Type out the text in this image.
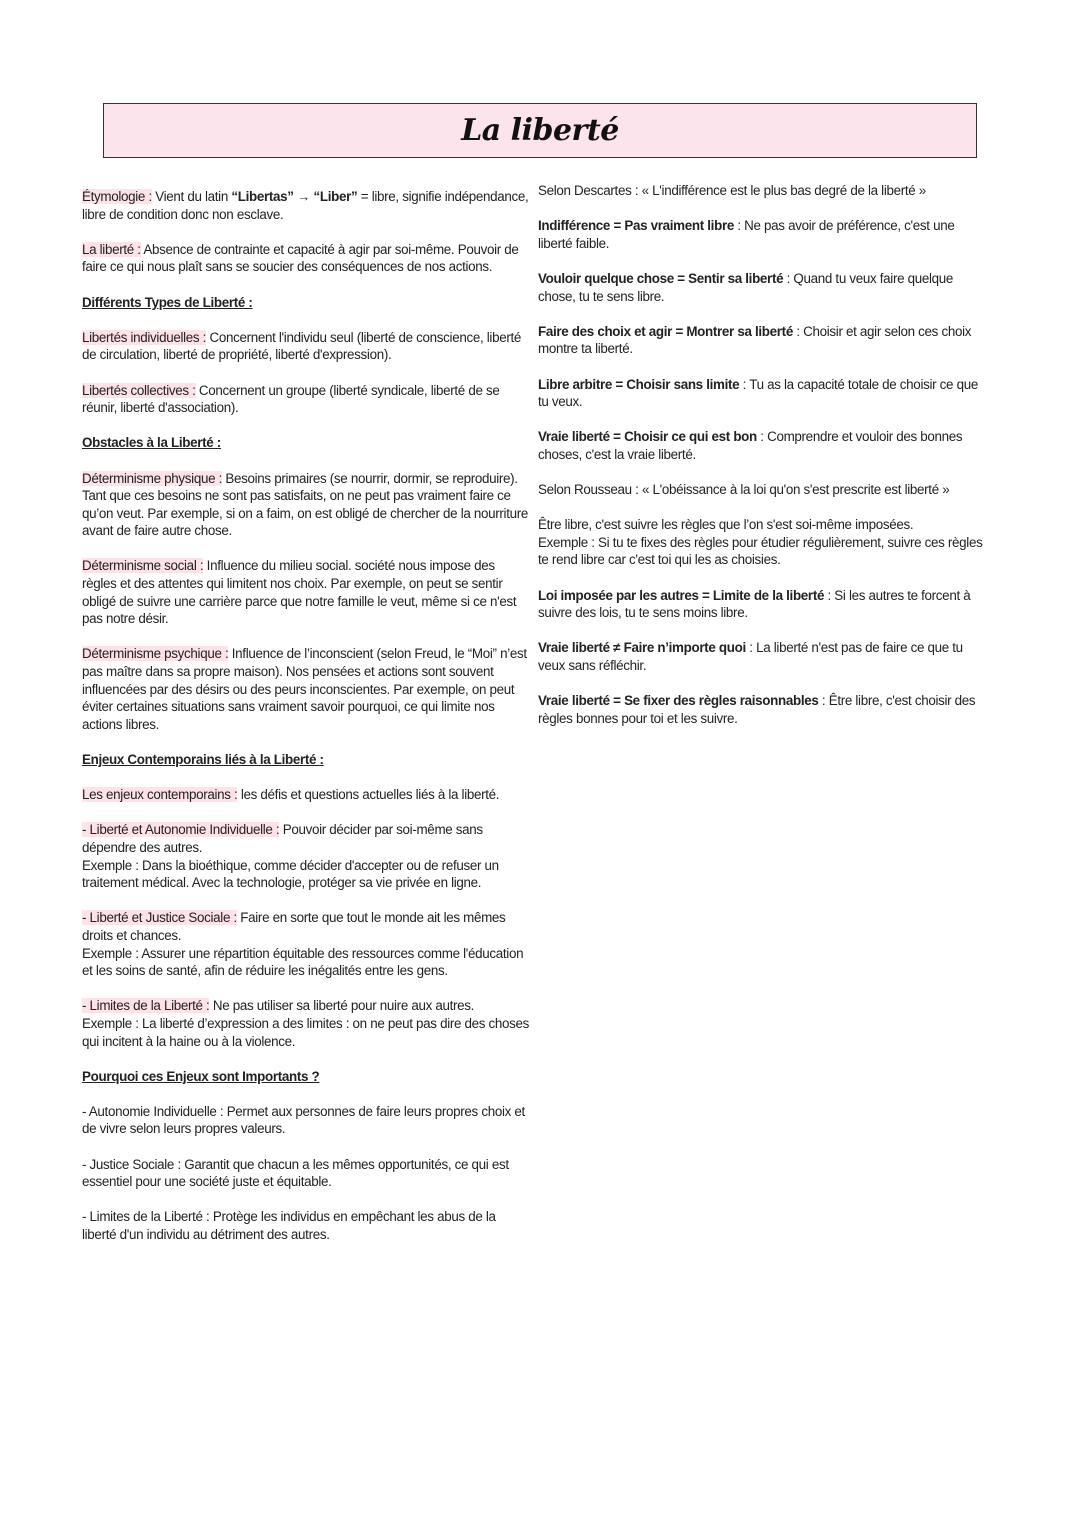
La liberté

Étymologie : Vient du latin “Libertas” → “Liber” = libre, signifie indépendance, libre de condition donc non esclave.

La liberté : Absence de contrainte et capacité à agir par soi-même. Pouvoir de faire ce qui nous plaît sans se soucier des conséquences de nos actions.

Différents Types de Liberté :

Libertés individuelles : Concernent l'individu seul (liberté de conscience, liberté de circulation, liberté de propriété, liberté d'expression).

Libertés collectives : Concernent un groupe (liberté syndicale, liberté de se réunir, liberté d'association).

Obstacles à la Liberté :

Déterminisme physique : Besoins primaires (se nourrir, dormir, se reproduire). Tant que ces besoins ne sont pas satisfaits, on ne peut pas vraiment faire ce qu’on veut. Par exemple, si on a faim, on est obligé de chercher de la nourriture avant de faire autre chose.

Déterminisme social : Influence du milieu social. société nous impose des règles et des attentes qui limitent nos choix. Par exemple, on peut se sentir obligé de suivre une carrière parce que notre famille le veut, même si ce n'est pas notre désir.

Déterminisme psychique : Influence de l’inconscient (selon Freud, le “Moi” n’est pas maître dans sa propre maison). Nos pensées et actions sont souvent influencées par des désirs ou des peurs inconscientes. Par exemple, on peut éviter certaines situations sans vraiment savoir pourquoi, ce qui limite nos actions libres.

Enjeux Contemporains liés à la Liberté :

Les enjeux contemporains : les défis et questions actuelles liés à la liberté.

- Liberté et Autonomie Individuelle : Pouvoir décider par soi-même sans dépendre des autres.
Exemple : Dans la bioéthique, comme décider d'accepter ou de refuser un traitement médical. Avec la technologie, protéger sa vie privée en ligne.

- Liberté et Justice Sociale : Faire en sorte que tout le monde ait les mêmes droits et chances.
Exemple : Assurer une répartition équitable des ressources comme l'éducation et les soins de santé, afin de réduire les inégalités entre les gens.

- Limites de la Liberté : Ne pas utiliser sa liberté pour nuire aux autres.
Exemple : La liberté d’expression a des limites : on ne peut pas dire des choses qui incitent à la haine ou à la violence.

Pourquoi ces Enjeux sont Importants ?

- Autonomie Individuelle : Permet aux personnes de faire leurs propres choix et de vivre selon leurs propres valeurs.

- Justice Sociale : Garantit que chacun a les mêmes opportunités, ce qui est essentiel pour une société juste et équitable.

- Limites de la Liberté : Protège les individus en empêchant les abus de la liberté d'un individu au détriment des autres.

Selon Descartes : « L'indifférence est le plus bas degré de la liberté »

Indifférence = Pas vraiment libre : Ne pas avoir de préférence, c'est une liberté faible.

Vouloir quelque chose = Sentir sa liberté : Quand tu veux faire quelque chose, tu te sens libre.

Faire des choix et agir = Montrer sa liberté : Choisir et agir selon ces choix montre ta liberté.

Libre arbitre = Choisir sans limite : Tu as la capacité totale de choisir ce que tu veux.

Vraie liberté = Choisir ce qui est bon : Comprendre et vouloir des bonnes choses, c'est la vraie liberté.

Selon Rousseau : « L'obéissance à la loi qu'on s'est prescrite est liberté »

Être libre, c'est suivre les règles que l’on s'est soi-même imposées.
Exemple : Si tu te fixes des règles pour étudier régulièrement, suivre ces règles te rend libre car c'est toi qui les as choisies.

Loi imposée par les autres = Limite de la liberté : Si les autres te forcent à suivre des lois, tu te sens moins libre.

Vraie liberté ≠ Faire n’importe quoi : La liberté n'est pas de faire ce que tu veux sans réfléchir.

Vraie liberté = Se fixer des règles raisonnables : Être libre, c'est choisir des règles bonnes pour toi et les suivre.
